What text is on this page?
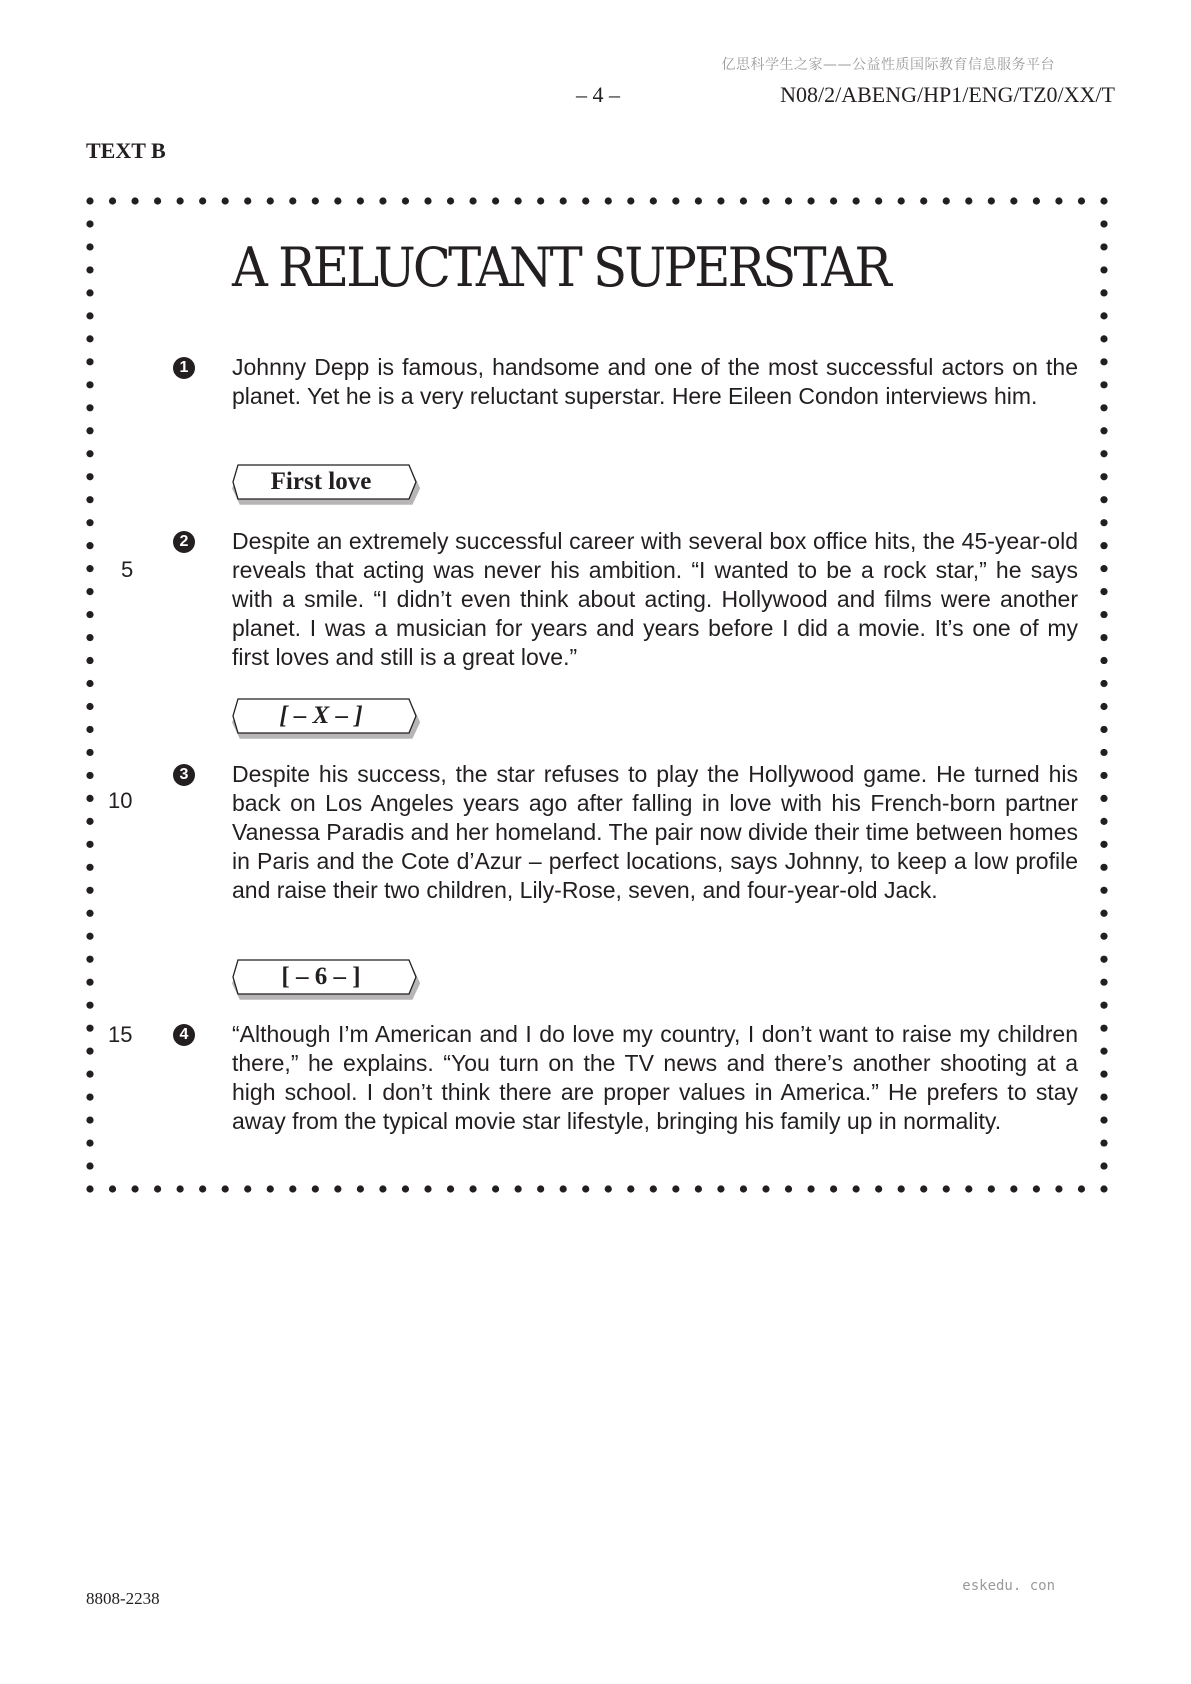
亿思科学生之家——公益性质国际教育信息服务平台
– 4 –	N08/2/ABENG/HP1/ENG/TZ0/XX/T
TEXT B
A RELUCTANT SUPERSTAR
1 Johnny Depp is famous, handsome and one of the most successful actors on the planet. Yet he is a very reluctant superstar. Here Eileen Condon interviews him.
First love
2
5
Despite an extremely successful career with several box office hits, the 45-year-old reveals that acting was never his ambition. “I wanted to be a rock star,” he says with a smile. “I didn’t even think about acting. Hollywood and films were another planet. I was a musician for years and years before I did a movie. It’s one of my first loves and still is a great love.”
[ – X – ]
3
10
Despite his success, the star refuses to play the Hollywood game. He turned his back on Los Angeles years ago after falling in love with his French-born partner Vanessa Paradis and her homeland. The pair now divide their time between homes in Paris and the Cote d’Azur – perfect locations, says Johnny, to keep a low profile and raise their two children, Lily-Rose, seven, and four-year-old Jack.
[ – 6 – ]
4
15	“Although I’m American and I do love my country, I don’t want to raise my children there,” he explains. “You turn on the TV news and there’s another shooting at a high school. I don’t think there are proper values in America.” He prefers to stay away from the typical movie star lifestyle, bringing his family up in normality.
8808-2238
eskedu. con
